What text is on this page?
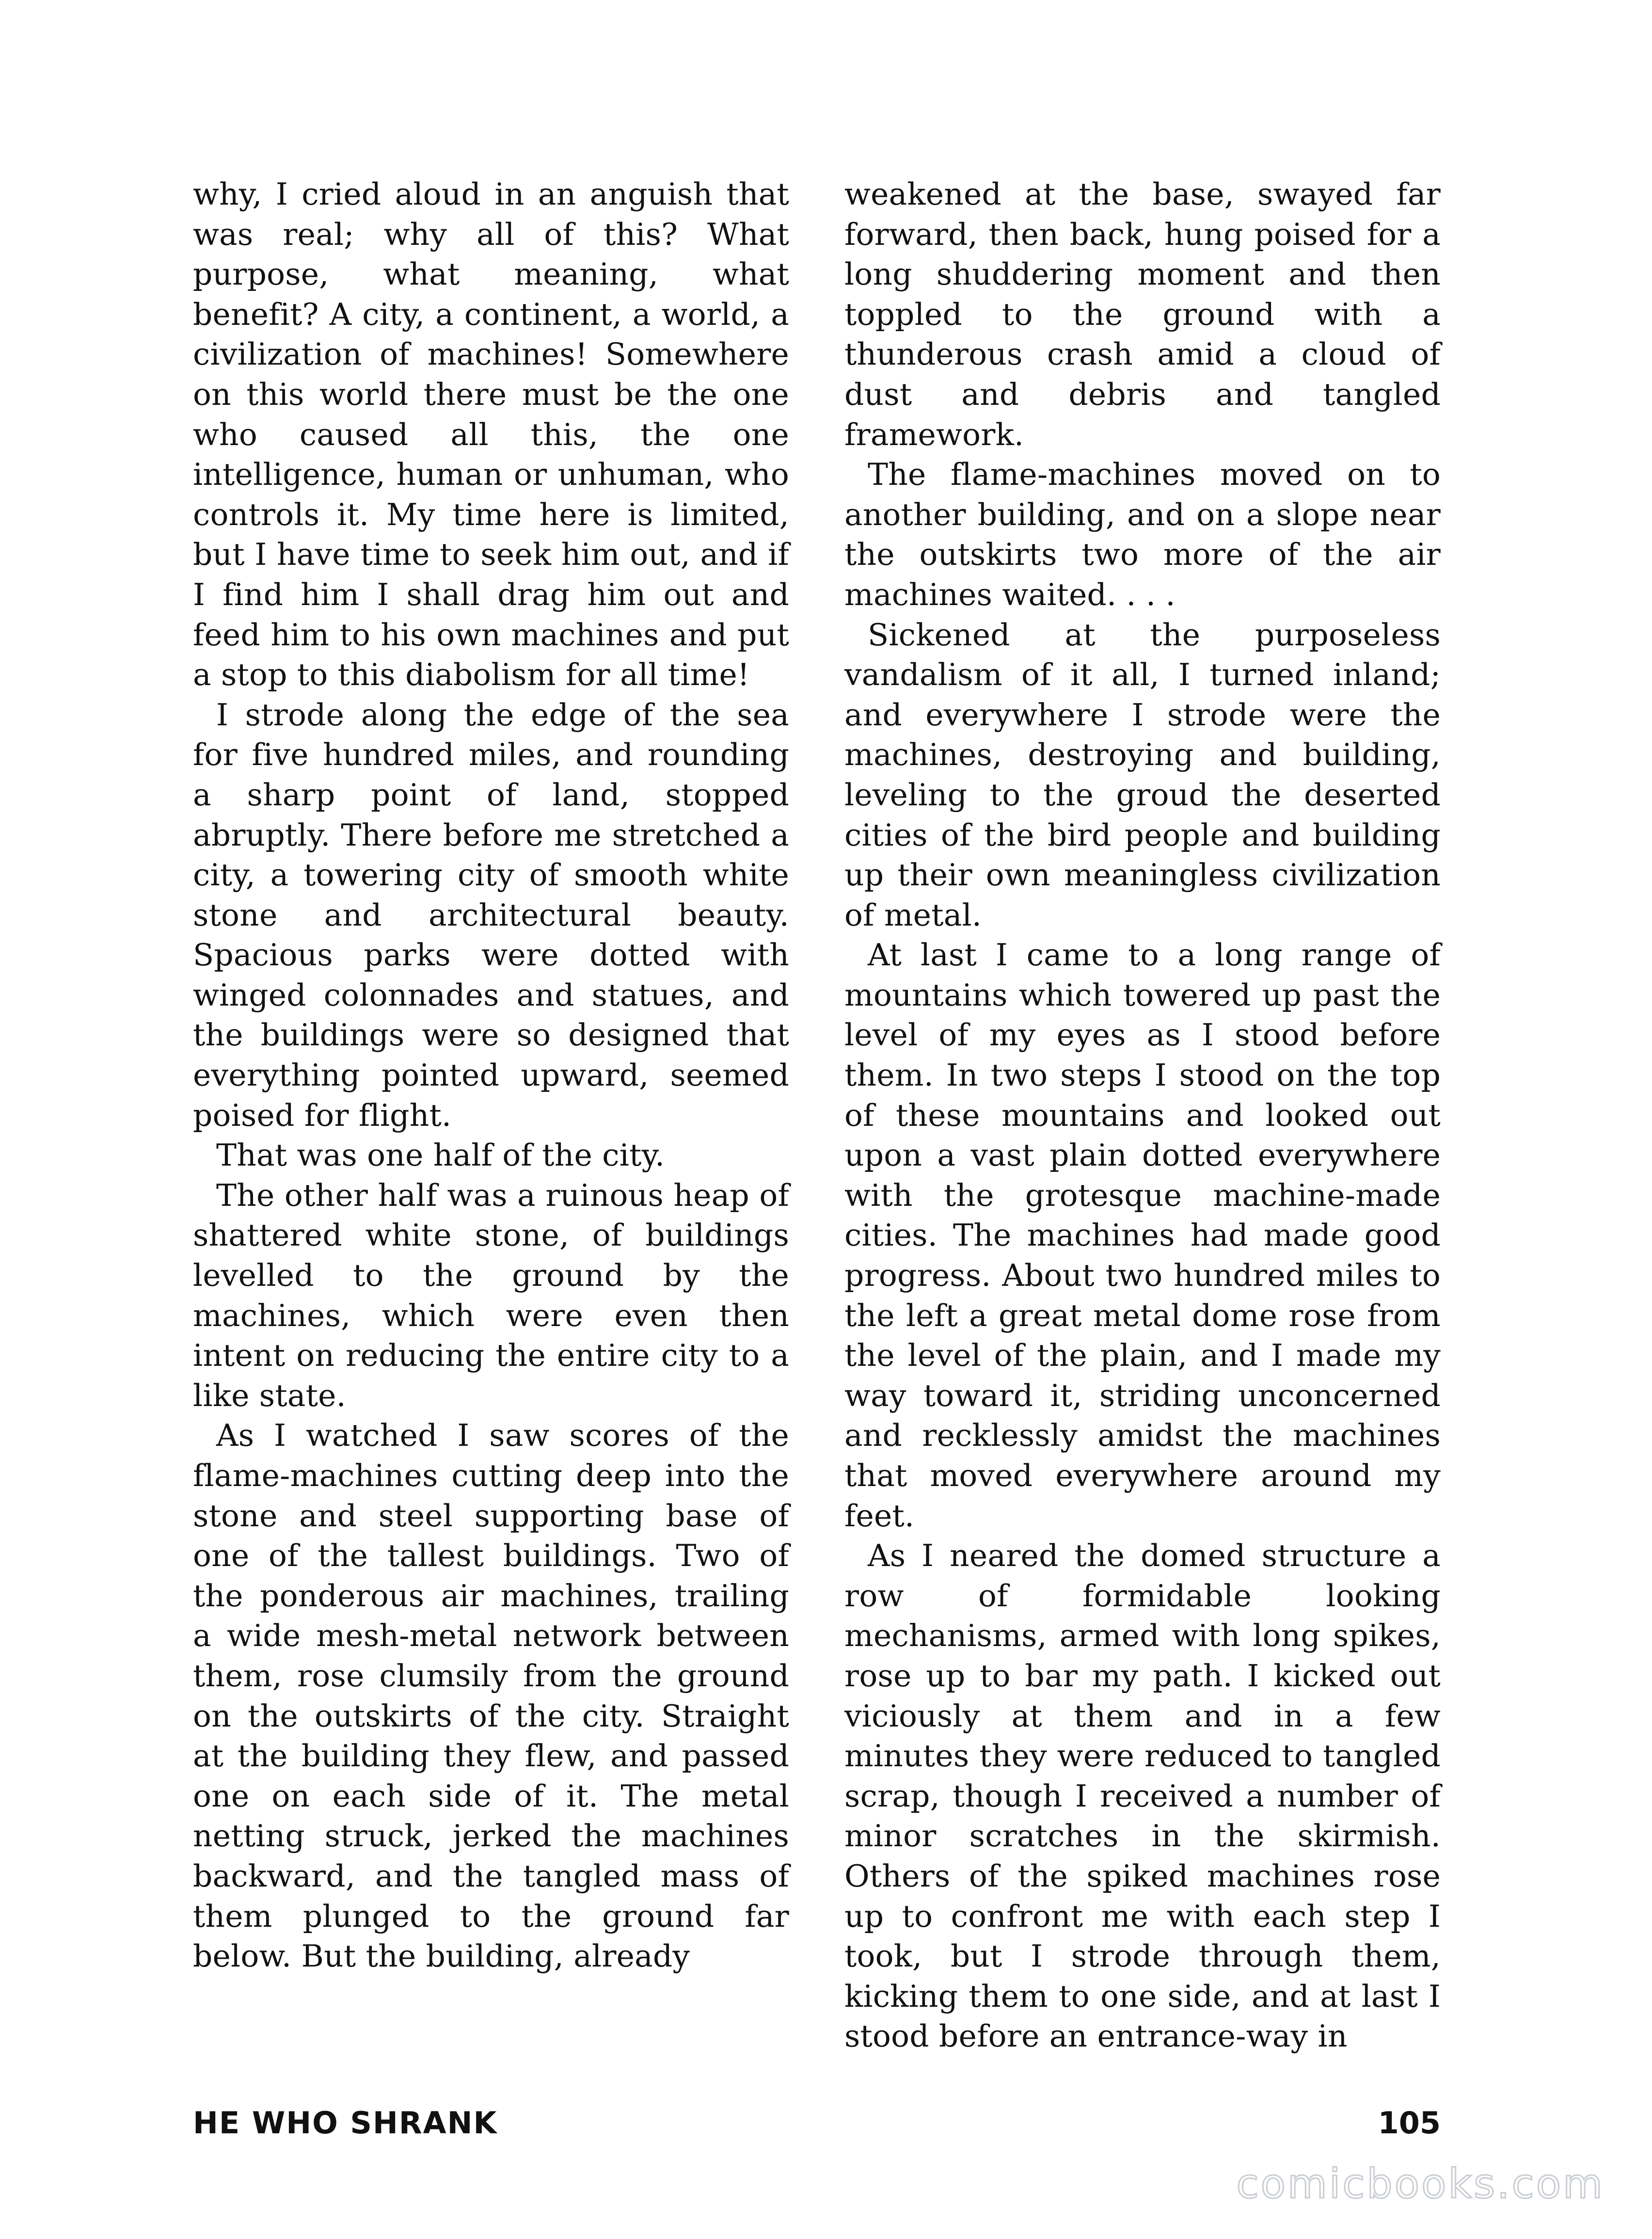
why, I cried aloud in an anguish that was real; why all of this? What purpose, what meaning, what benefit? A city, a continent, a world, a civilization of machines! Somewhere on this world there must be the one who caused all this, the one intelligence, human or unhuman, who controls it. My time here is limited, but I have time to seek him out, and if I find him I shall drag him out and feed him to his own machines and put a stop to this diabolism for all time!

I strode along the edge of the sea for five hundred miles, and rounding a sharp point of land, stopped abruptly. There before me stretched a city, a towering city of smooth white stone and architectural beauty. Spacious parks were dotted with winged colonnades and statues, and the buildings were so designed that everything pointed upward, seemed poised for flight.

That was one half of the city.

The other half was a ruinous heap of shattered white stone, of buildings levelled to the ground by the machines, which were even then intent on reducing the entire city to a like state.

As I watched I saw scores of the flame-machines cutting deep into the stone and steel supporting base of one of the tallest buildings. Two of the ponderous air machines, trailing a wide mesh-metal network between them, rose clumsily from the ground on the outskirts of the city. Straight at the building they flew, and passed one on each side of it. The metal netting struck, jerked the machines backward, and the tangled mass of them plunged to the ground far below. But the building, already

weakened at the base, swayed far forward, then back, hung poised for a long shuddering moment and then toppled to the ground with a thunderous crash amid a cloud of dust and debris and tangled framework.

The flame-machines moved on to another building, and on a slope near the outskirts two more of the air machines waited. . . .

Sickened at the purposeless vandalism of it all, I turned inland; and everywhere I strode were the machines, destroying and building, leveling to the groud the deserted cities of the bird people and building up their own meaningless civilization of metal.

At last I came to a long range of mountains which towered up past the level of my eyes as I stood before them. In two steps I stood on the top of these mountains and looked out upon a vast plain dotted everywhere with the grotesque machine-made cities. The machines had made good progress. About two hundred miles to the left a great metal dome rose from the level of the plain, and I made my way toward it, striding unconcerned and recklessly amidst the machines that moved everywhere around my feet.

As I neared the domed structure a row of formidable looking mechanisms, armed with long spikes, rose up to bar my path. I kicked out viciously at them and in a few minutes they were reduced to tangled scrap, though I received a number of minor scratches in the skirmish. Others of the spiked machines rose up to confront me with each step I took, but I strode through them, kicking them to one side, and at last I stood before an entrance-way in

HE WHO SHRANK	105
comicbooks.com
